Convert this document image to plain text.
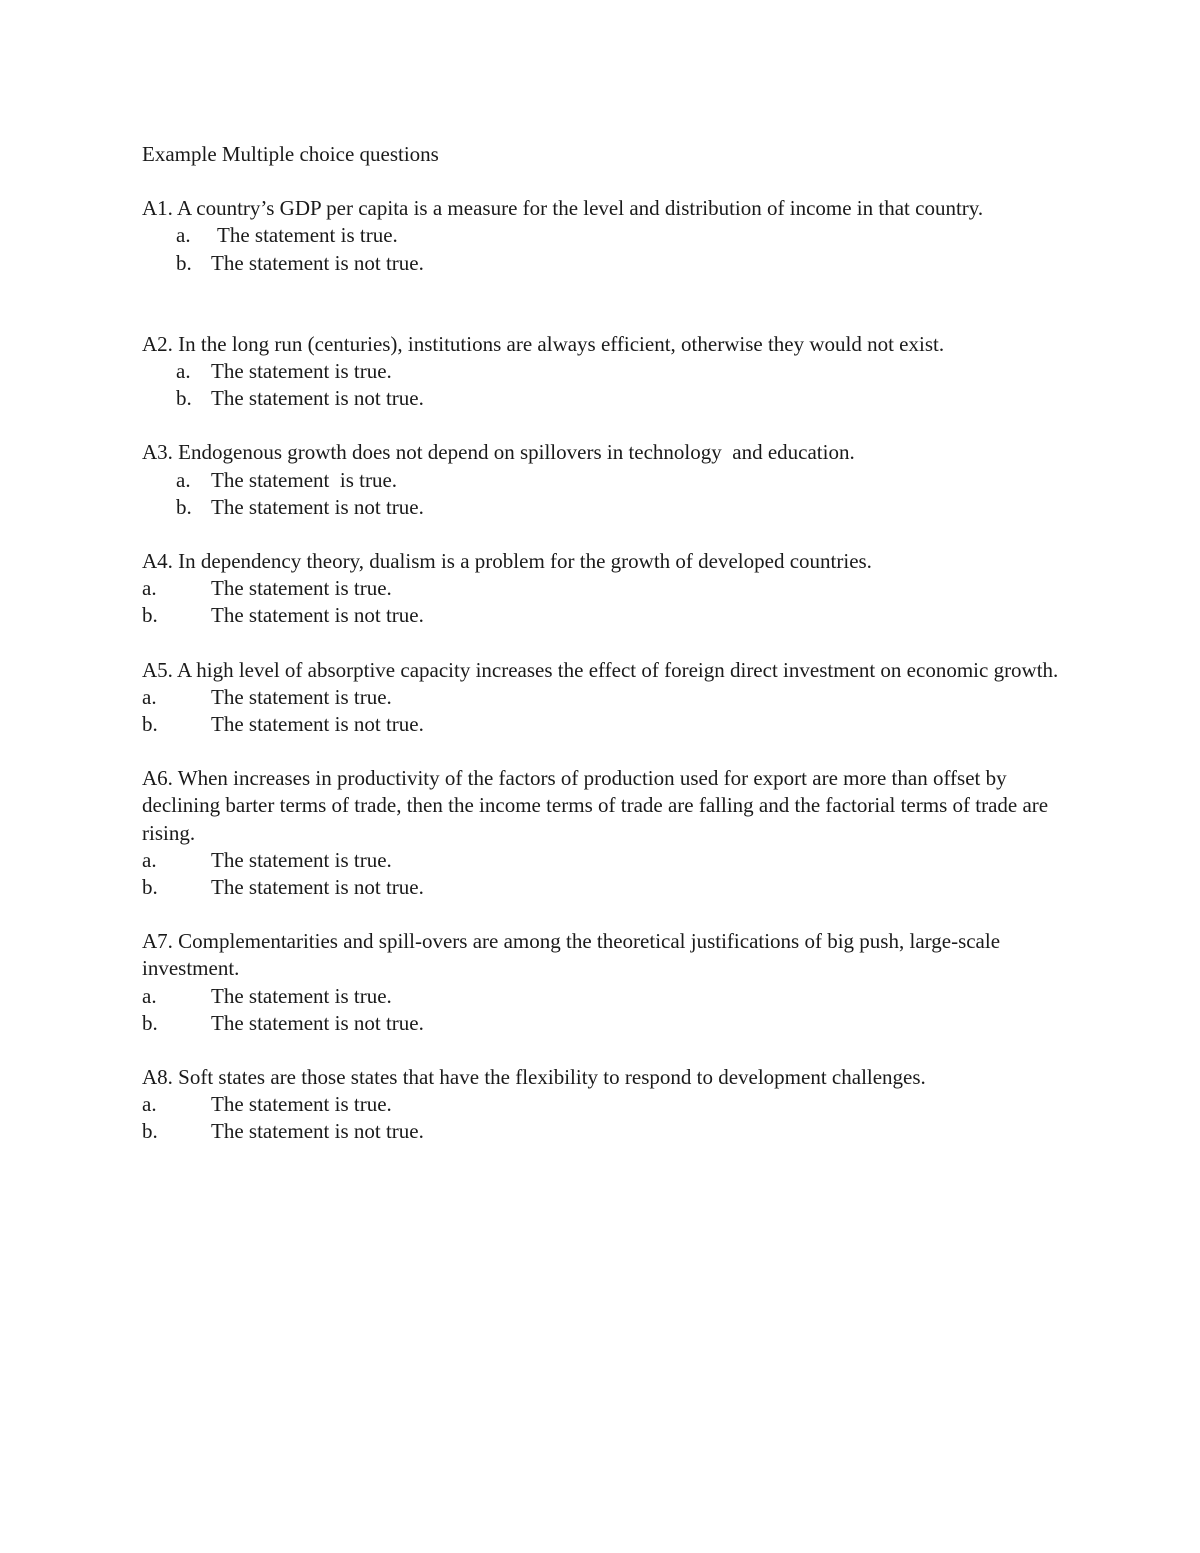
Example Multiple choice questions

A1. A country’s GDP per capita is a measure for the level and distribution of income in that country.

a. The statement is true.
b. The statement is not true.

A2. In the long run (centuries), institutions are always efficient, otherwise they would not exist.

a. The statement is true.
b. The statement is not true.

A3. Endogenous growth does not depend on spillovers in technology  and education.

a. The statement  is true.
b. The statement is not true.

A4. In dependency theory, dualism is a problem for the growth of developed countries.

a.	The statement is true.
b.	The statement is not true.

A5. A high level of absorptive capacity increases the effect of foreign direct investment on economic growth.

a.	The statement is true.
b.	The statement is not true.

A6. When increases in productivity of the factors of production used for export are more than offset by declining barter terms of trade, then the income terms of trade are falling and the factorial terms of trade are rising.

a.	The statement is true.
b.	The statement is not true.

A7. Complementarities and spill-overs are among the theoretical justifications of big push, large-scale investment.

a.	The statement is true.
b.	The statement is not true.

A8. Soft states are those states that have the flexibility to respond to development challenges.

a.	The statement is true.
b.	The statement is not true.
